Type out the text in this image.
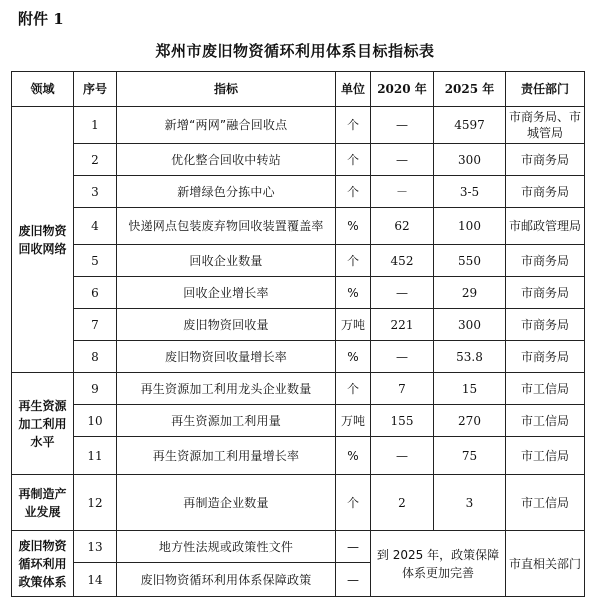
附件 1
郑州市废旧物资循环利用体系目标指标表
领域	序号	指标	单位	2020 年	2025 年	责任部门
废旧物资回收网络	1	新增“两网”融合回收点	个	—	4597	市商务局、市城管局
	2	优化整合回收中转站	个	—	300	市商务局
	3	新增绿色分拣中心	个	－	3-5	市商务局
	4	快递网点包装废弃物回收装置覆盖率	%	62	100	市邮政管理局
	5	回收企业数量	个	452	550	市商务局
	6	回收企业增长率	%	—	29	市商务局
	7	废旧物资回收量	万吨	221	300	市商务局
	8	废旧物资回收量增长率	%	—	53.8	市商务局
再生资源加工利用水平	9	再生资源加工利用龙头企业数量	个	7	15	市工信局
	10	再生资源加工利用量	万吨	155	270	市工信局
	11	再生资源加工利用量增长率	%	—	75	市工信局
再制造产业发展	12	再制造企业数量	个	2	3	市工信局
废旧物资循环利用政策体系	13	地方性法规或政策性文件	—	到 2025 年，政策保障体系更加完善		市直相关部门
	14	废旧物资循环利用体系保障政策	—			
